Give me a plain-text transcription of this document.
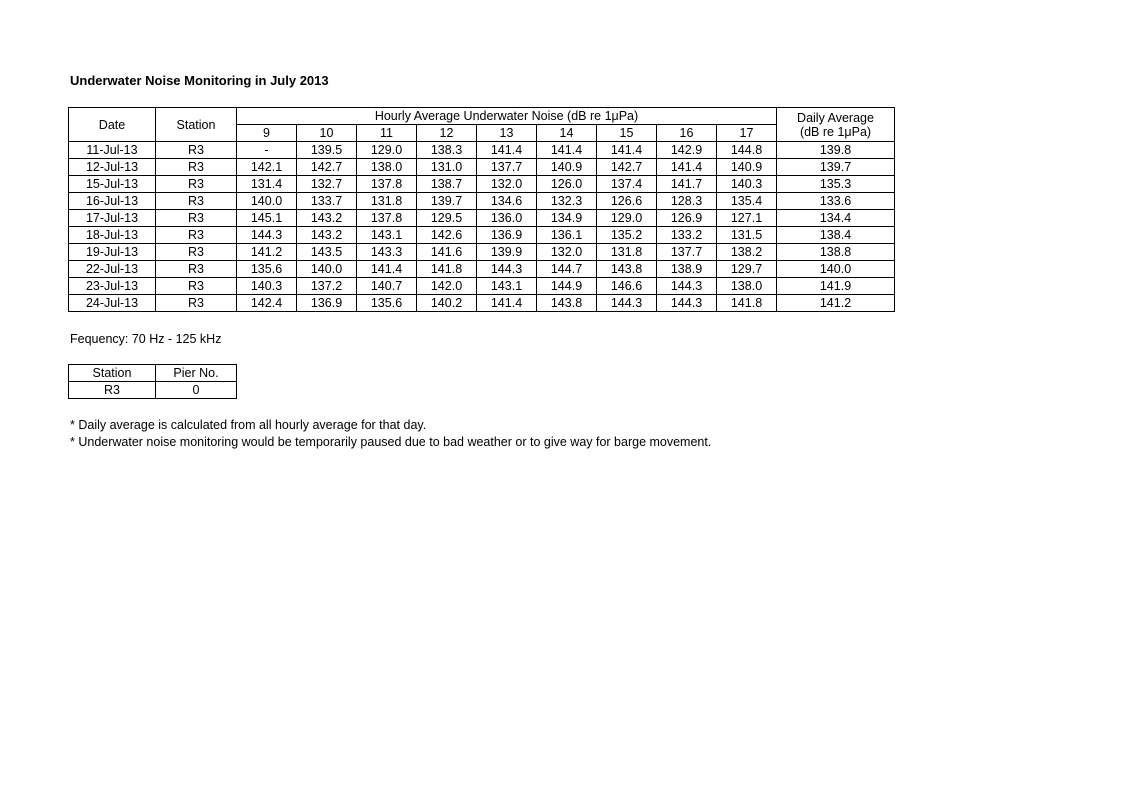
Underwater Noise Monitoring in July 2013
Date	Station	Hourly Average Underwater Noise (dB re 1μPa)									Daily Average
(dB re 1μPa)
		9	10	11	12	13	14	15	16	17	
11-Jul-13	R3	-	139.5	129.0	138.3	141.4	141.4	141.4	142.9	144.8	139.8
12-Jul-13	R3	142.1	142.7	138.0	131.0	137.7	140.9	142.7	141.4	140.9	139.7
15-Jul-13	R3	131.4	132.7	137.8	138.7	132.0	126.0	137.4	141.7	140.3	135.3
16-Jul-13	R3	140.0	133.7	131.8	139.7	134.6	132.3	126.6	128.3	135.4	133.6
17-Jul-13	R3	145.1	143.2	137.8	129.5	136.0	134.9	129.0	126.9	127.1	134.4
18-Jul-13	R3	144.3	143.2	143.1	142.6	136.9	136.1	135.2	133.2	131.5	138.4
19-Jul-13	R3	141.2	143.5	143.3	141.6	139.9	132.0	131.8	137.7	138.2	138.8
22-Jul-13	R3	135.6	140.0	141.4	141.8	144.3	144.7	143.8	138.9	129.7	140.0
23-Jul-13	R3	140.3	137.2	140.7	142.0	143.1	144.9	146.6	144.3	138.0	141.9
24-Jul-13	R3	142.4	136.9	135.6	140.2	141.4	143.8	144.3	144.3	141.8	141.2
Fequency: 70 Hz - 125 kHz
Station	Pier No.
R3	0
* Daily average is calculated from all hourly average for that day.
* Underwater noise monitoring would be temporarily paused due to bad weather or to give way for barge movement.
